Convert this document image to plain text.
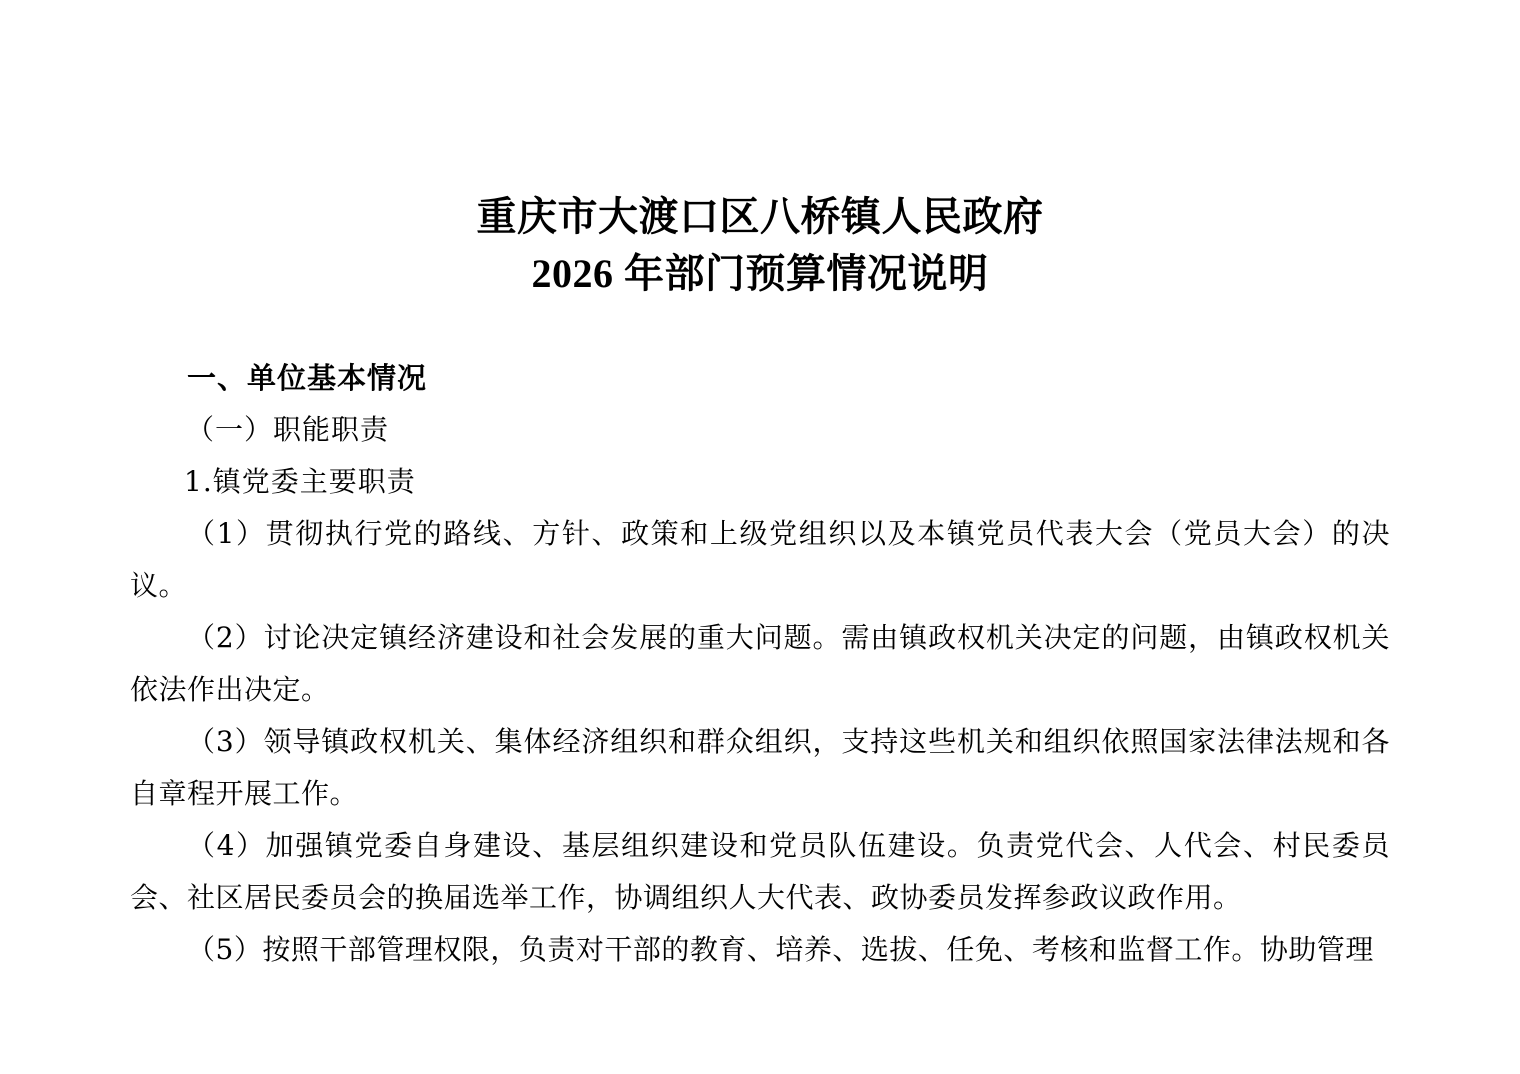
重庆市大渡口区八桥镇人民政府
2026 年部门预算情况说明
一、单位基本情况
（一）职能职责
1.镇党委主要职责

（1）贯彻执行党的路线、方针、政策和上级党组织以及本镇党员代表大会（党员大会）的决议。

（2）讨论决定镇经济建设和社会发展的重大问题。需由镇政权机关决定的问题，由镇政权机关依法作出决定。

（3）领导镇政权机关、集体经济组织和群众组织，支持这些机关和组织依照国家法律法规和各自章程开展工作。

（4）加强镇党委自身建设、基层组织建设和党员队伍建设。负责党代会、人代会、村民委员会、社区居民委员会的换届选举工作，协调组织人大代表、政协委员发挥参政议政作用。

（5）按照干部管理权限，负责对干部的教育、培养、选拔、任免、考核和监督工作。协助管理
